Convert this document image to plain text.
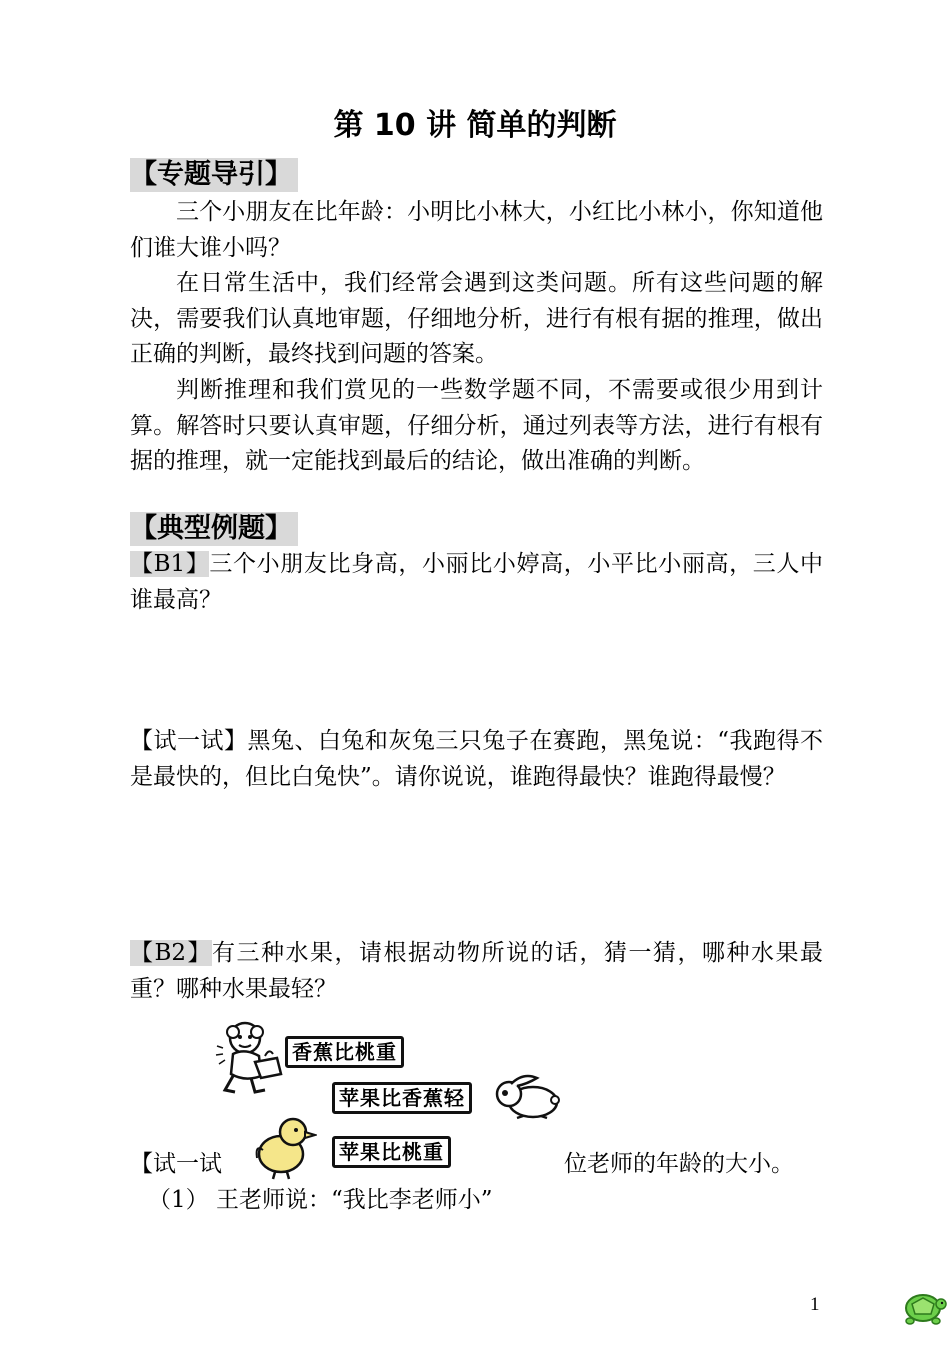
第 10 讲 简单的判断
【专题导引】
三个小朋友在比年龄：小明比小林大，小红比小林小，你知道他们谁大谁小吗？
在日常生活中，我们经常会遇到这类问题。所有这些问题的解决，需要我们认真地审题，仔细地分析，进行有根有据的推理，做出正确的判断，最终找到问题的答案。
判断推理和我们赏见的一些数学题不同，不需要或很少用到计算。解答时只要认真审题，仔细分析，通过列表等方法，进行有根有据的推理，就一定能找到最后的结论，做出准确的判断。
【典型例题】
【B1】三个小朋友比身高，小丽比小婷高，小平比小丽高，三人中谁最高？
【试一试】黑兔、白兔和灰兔三只兔子在赛跑，黑兔说：“我跑得不是最快的，但比白兔快”。请你说说，谁跑得最快？谁跑得最慢？
【B2】有三种水果，请根据动物所说的话，猜一猜，哪种水果最重？哪种水果最轻？
香蕉比桃重
苹果比香蕉轻
苹果比桃重
【试一试	位老师的年龄的大小。
（1） 王老师说：“我比李老师小”
1
